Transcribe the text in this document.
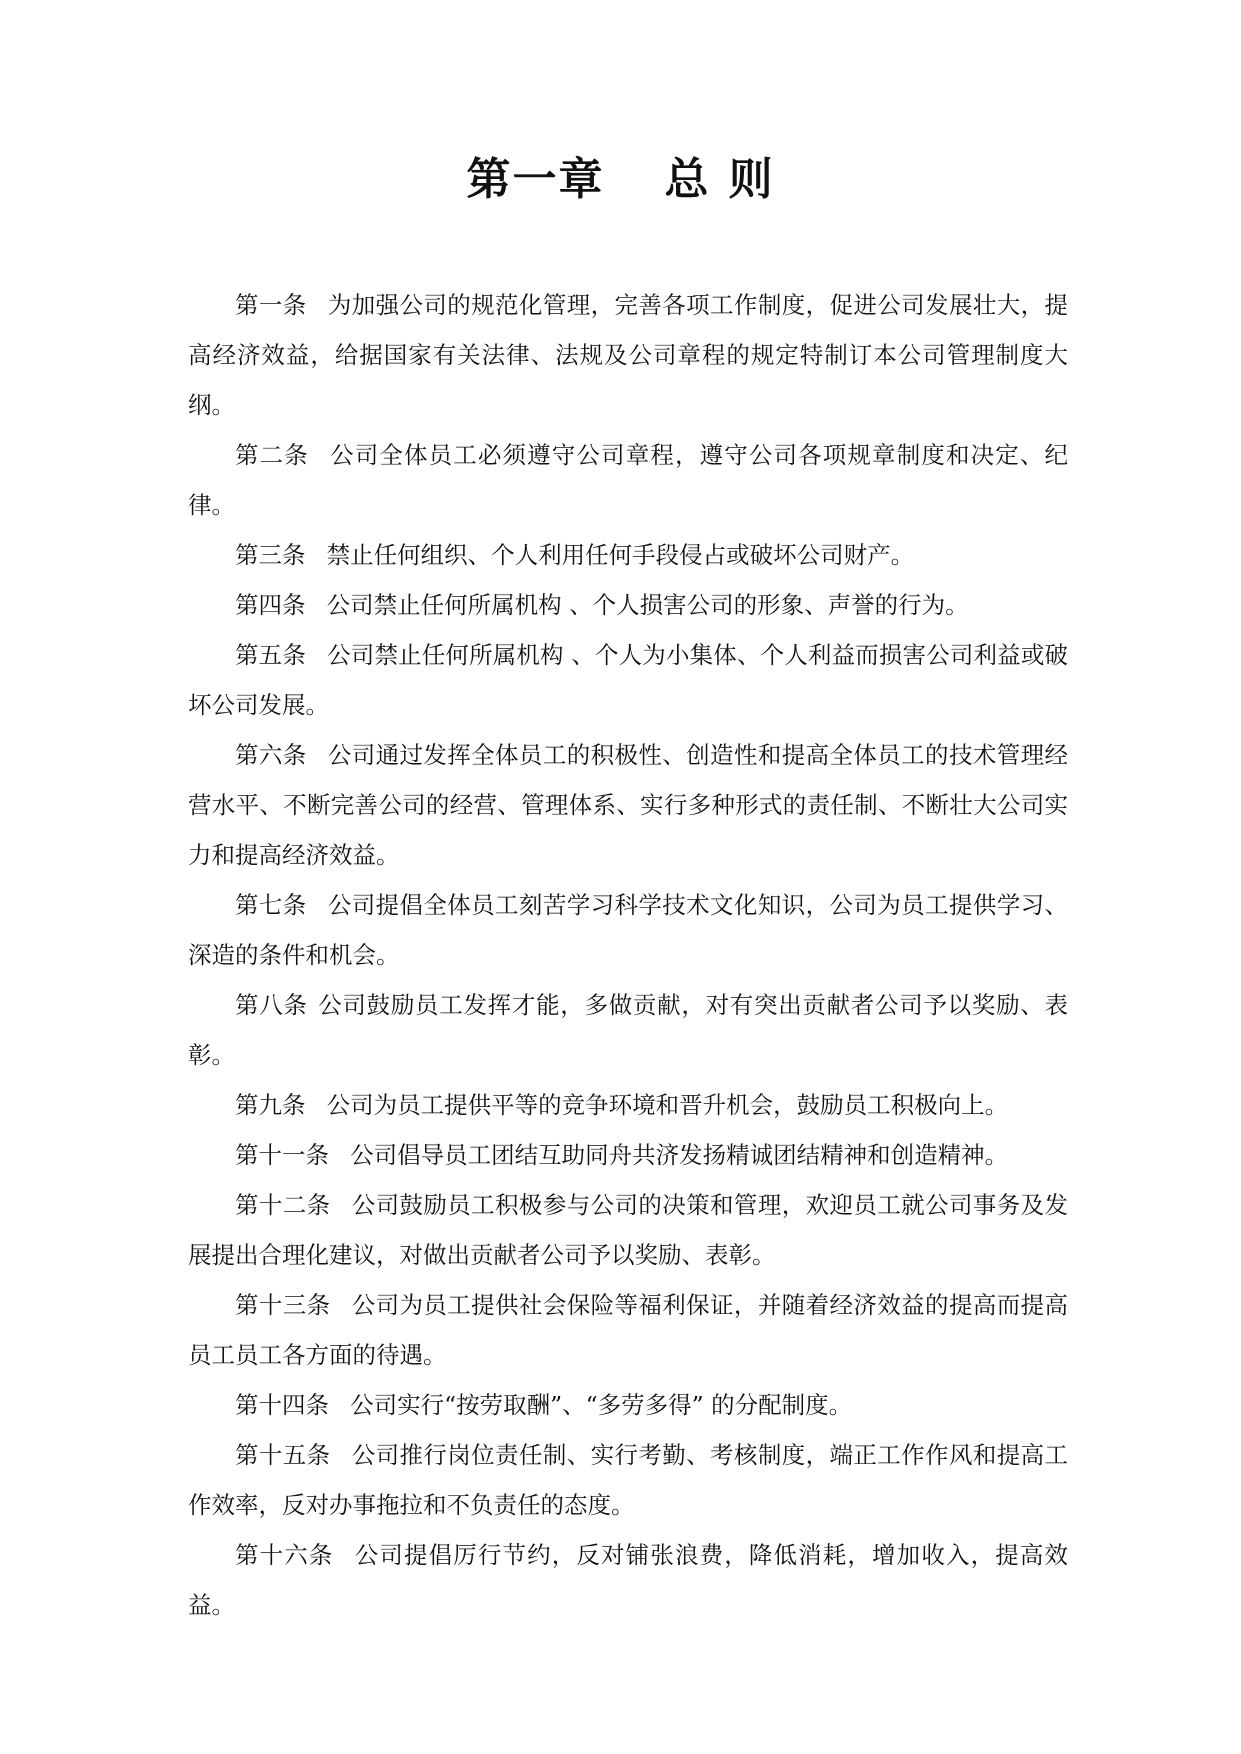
第一章 总 则

第一条 为加强公司的规范化管理，完善各项工作制度，促进公司发展壮大，提高经济效益，给据国家有关法律、法规及公司章程的规定特制订本公司管理制度大纲。

第二条 公司全体员工必须遵守公司章程，遵守公司各项规章制度和决定、纪律。

第三条 禁止任何组织、个人利用任何手段侵占或破坏公司财产。

第四条 公司禁止任何所属机构 、个人损害公司的形象、声誉的行为。

第五条 公司禁止任何所属机构 、个人为小集体、个人利益而损害公司利益或破坏公司发展。

第六条 公司通过发挥全体员工的积极性、创造性和提高全体员工的技术管理经营水平、不断完善公司的经营、管理体系、实行多种形式的责任制、不断壮大公司实力和提高经济效益。

第七条 公司提倡全体员工刻苦学习科学技术文化知识，公司为员工提供学习、深造的条件和机会。

第八条 公司鼓励员工发挥才能，多做贡献，对有突出贡献者公司予以奖励、表彰。

第九条 公司为员工提供平等的竞争环境和晋升机会，鼓励员工积极向上。

第十一条 公司倡导员工团结互助同舟共济发扬精诚团结精神和创造精神。

第十二条 公司鼓励员工积极参与公司的决策和管理，欢迎员工就公司事务及发展提出合理化建议，对做出贡献者公司予以奖励、表彰。

第十三条 公司为员工提供社会保险等福利保证，并随着经济效益的提高而提高员工员工各方面的待遇。

第十四条 公司实行“按劳取酬”、“多劳多得” 的分配制度。

第十五条 公司推行岗位责任制、实行考勤、考核制度，端正工作作风和提高工作效率，反对办事拖拉和不负责任的态度。

第十六条 公司提倡厉行节约，反对铺张浪费，降低消耗，增加收入，提高效益。
